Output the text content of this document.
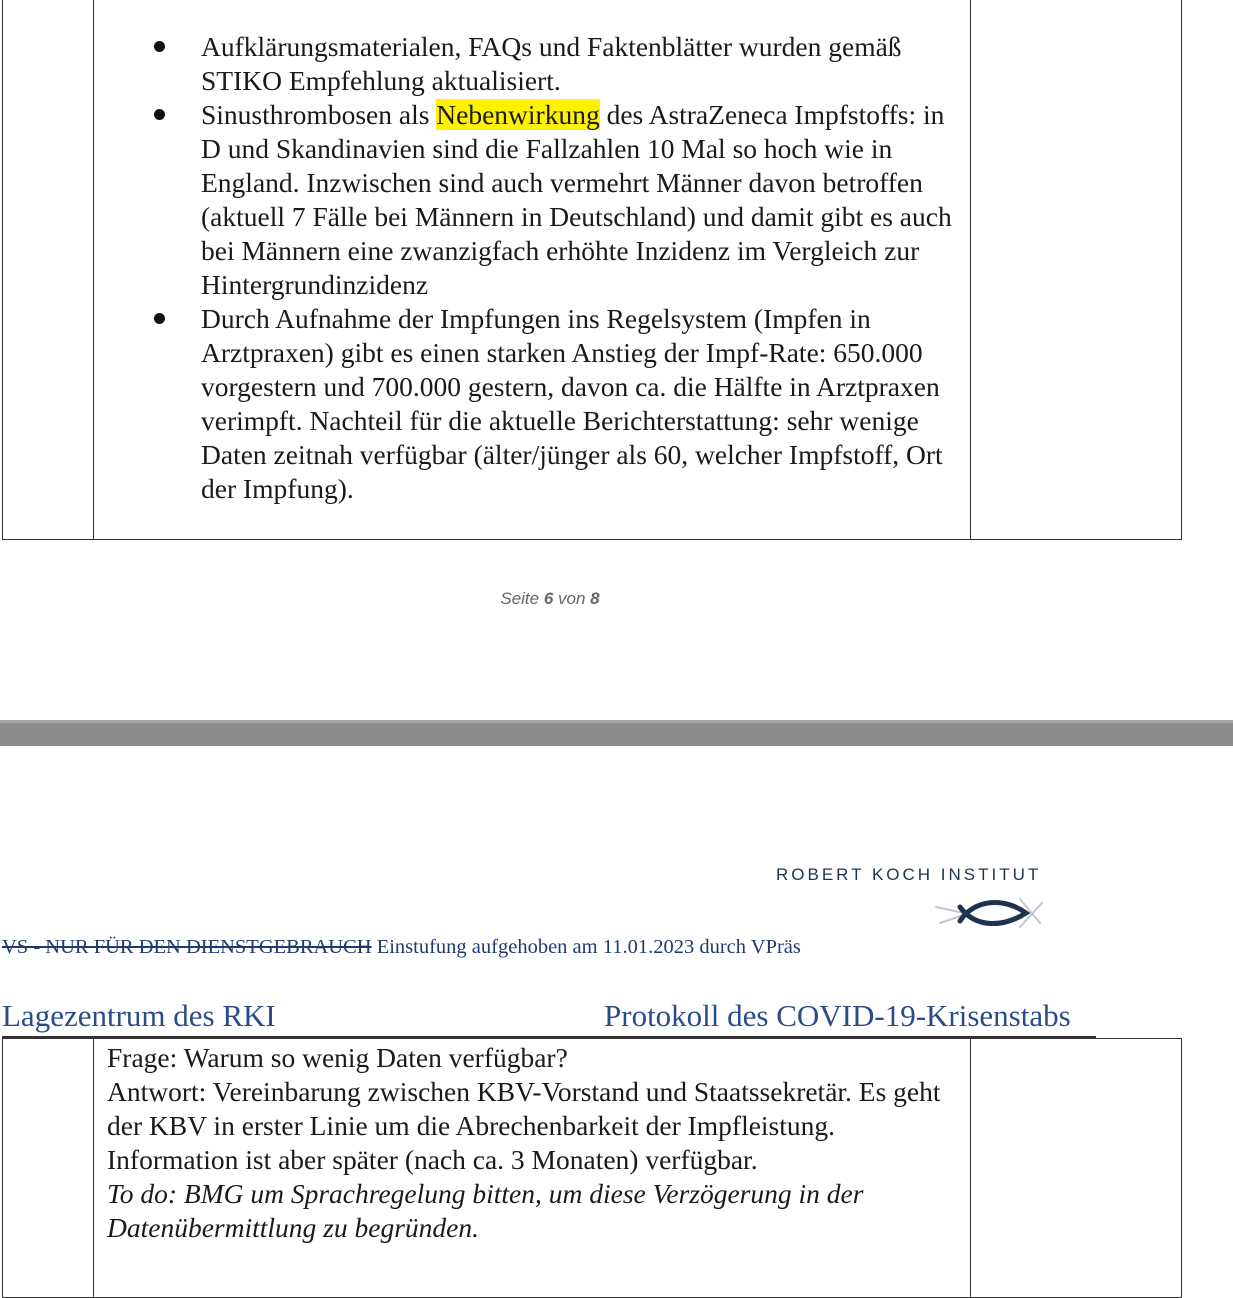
Aufklärungsmaterialen, FAQs und Faktenblätter wurden gemäß STIKO Empfehlung aktualisiert.
Sinusthrombosen als Nebenwirkung des AstraZeneca Impfstoffs: in D und Skandinavien sind die Fallzahlen 10 Mal so hoch wie in England. Inzwischen sind auch vermehrt Männer davon betroffen (aktuell 7 Fälle bei Männern in Deutschland) und damit gibt es auch bei Männern eine zwanzigfach erhöhte Inzidenz im Vergleich zur Hintergrundinzidenz
Durch Aufnahme der Impfungen ins Regelsystem (Impfen in Arztpraxen) gibt es einen starken Anstieg der Impf-Rate: 650.000 vorgestern und 700.000 gestern, davon ca. die Hälfte in Arztpraxen verimpft. Nachteil für die aktuelle Berichterstattung: sehr wenige Daten zeitnah verfügbar (älter/jünger als 60, welcher Impfstoff, Ort der Impfung).
Seite 6 von 8
ROBERT KOCH INSTITUT
VS - NUR FÜR DEN DIENSTGEBRAUCH Einstufung aufgehoben am 11.01.2023 durch VPräs
Lagezentrum des RKI	Protokoll des COVID-19-Krisenstabs

Frage: Warum so wenig Daten verfügbar?

Antwort: Vereinbarung zwischen KBV-Vorstand und Staatssekretär. Es geht der KBV in erster Linie um die Abrechenbarkeit der Impfleistung. Information ist aber später (nach ca. 3 Monaten) verfügbar.

To do: BMG um Sprachregelung bitten, um diese Verzögerung in der Datenübermittlung zu begründen.
